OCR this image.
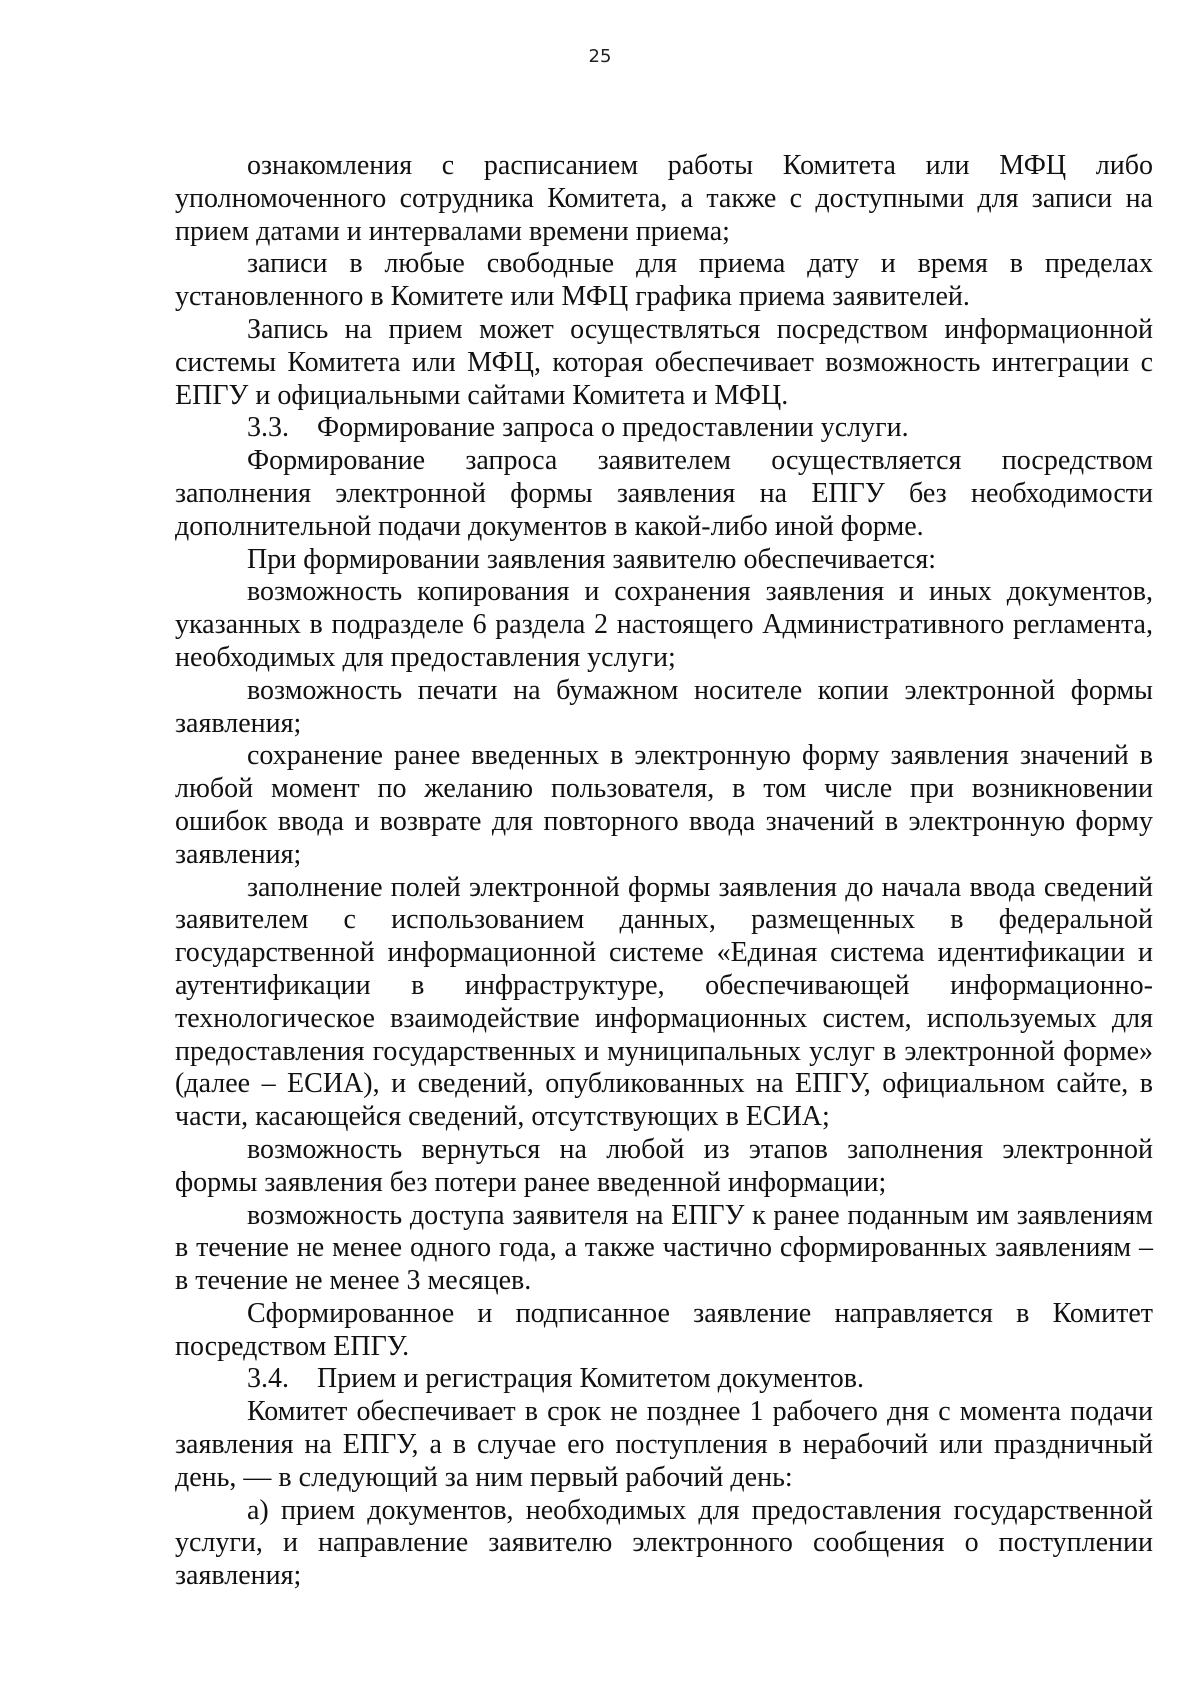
25

ознакомления с расписанием работы Комитета или МФЦ либо уполномоченного сотрудника Комитета, а также с доступными для записи на прием датами и интервалами времени приема;

записи в любые свободные для приема дату и время в пределах установленного в Комитете или МФЦ графика приема заявителей.

Запись на прием может осуществляться посредством информационной системы Комитета или МФЦ, которая обеспечивает возможность интеграции с ЕПГУ и официальными сайтами Комитета и МФЦ.

3.3. Формирование запроса о предоставлении услуги.

Формирование запроса заявителем осуществляется посредством заполнения электронной формы заявления на ЕПГУ без необходимости дополнительной подачи документов в какой-либо иной форме.

При формировании заявления заявителю обеспечивается:

возможность копирования и сохранения заявления и иных документов, указанных в подразделе 6 раздела 2 настоящего Административного регламента, необходимых для предоставления услуги;

возможность печати на бумажном носителе копии электронной формы заявления;

сохранение ранее введенных в электронную форму заявления значений в любой момент по желанию пользователя, в том числе при возникновении ошибок ввода и возврате для повторного ввода значений в электронную форму заявления;

заполнение полей электронной формы заявления до начала ввода сведений заявителем с использованием данных, размещенных в федеральной государственной информационной системе «Единая система идентификации и аутентификации в инфраструктуре, обеспечивающей информационно-технологическое взаимодействие информационных систем, используемых для предоставления государственных и муниципальных услуг в электронной форме» (далее – ЕСИА), и сведений, опубликованных на ЕПГУ, официальном сайте, в части, касающейся сведений, отсутствующих в ЕСИА;

возможность вернуться на любой из этапов заполнения электронной формы заявления без потери ранее введенной информации;

возможность доступа заявителя на ЕПГУ к ранее поданным им заявлениям в течение не менее одного года, а также частично сформированных заявлениям – в течение не менее 3 месяцев.

Сформированное и подписанное заявление направляется в Комитет посредством ЕПГУ.

3.4. Прием и регистрация Комитетом документов.

Комитет обеспечивает в срок не позднее 1 рабочего дня с момента подачи заявления на ЕПГУ, а в случае его поступления в нерабочий или праздничный день, — в следующий за ним первый рабочий день:

а) прием документов, необходимых для предоставления государственной услуги, и направление заявителю электронного сообщения о поступлении заявления;
